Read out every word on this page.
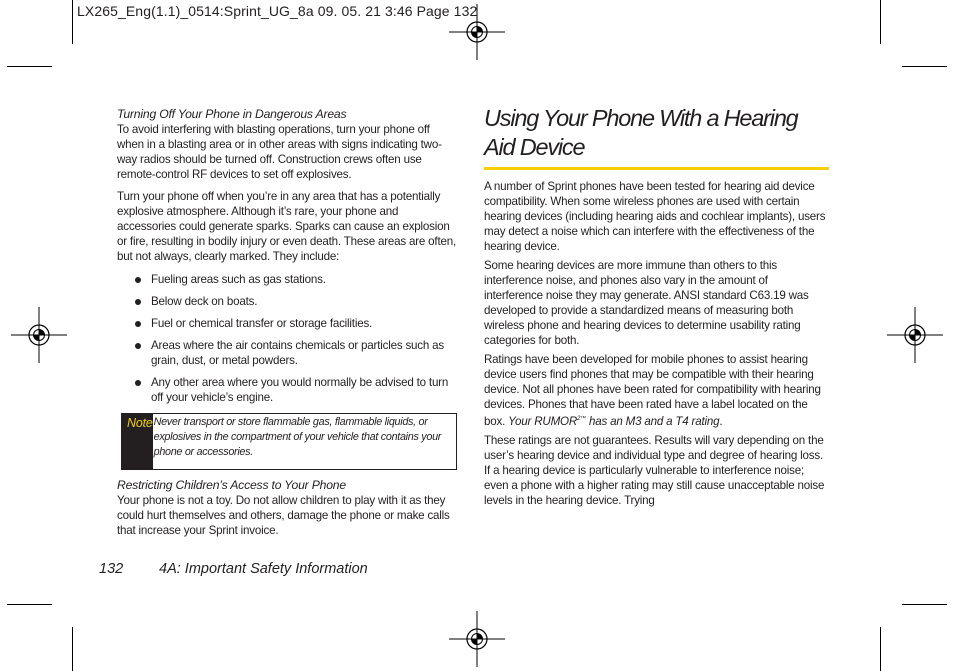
LX265_Eng(1.1)_0514:Sprint_UG_8a 09. 05. 21 3:46 Page 132
Turning Off Your Phone in Dangerous Areas

To avoid interfering with blasting operations, turn your phone off when in a blasting area or in other areas with signs indicating two-way radios should be turned off. Construction crews often use remote-control RF devices to set off explosives.

Turn your phone off when you’re in any area that has a potentially explosive atmosphere. Although it’s rare, your phone and accessories could generate sparks. Sparks can cause an explosion or fire, resulting in bodily injury or even death. These areas are often, but not always, clearly marked. They include:

Fueling areas such as gas stations.
Below deck on boats.
Fuel or chemical transfer or storage facilities.
Areas where the air contains chemicals or particles such as grain, dust, or metal powders.
Any other area where you would normally be advised to turn off your vehicle’s engine.
Note Never transport or store flammable gas, flammable liquids, or explosives in the compartment of your vehicle that contains your phone or accessories.
Restricting Children’s Access to Your Phone

Your phone is not a toy. Do not allow children to play with it as they could hurt themselves and others, damage the phone or make calls that increase your Sprint invoice.

Using Your Phone With a Hearing
Aid Device

A number of Sprint phones have been tested for hearing aid device compatibility. When some wireless phones are used with certain hearing devices (including hearing aids and cochlear implants), users may detect a noise which can interfere with the effectiveness of the hearing device.

Some hearing devices are more immune than others to this interference noise, and phones also vary in the amount of interference noise they may generate. ANSI standard C63.19 was developed to provide a standardized means of measuring both wireless phone and hearing devices to determine usability rating categories for both.

Ratings have been developed for mobile phones to assist hearing device users find phones that may be compatible with their hearing device. Not all phones have been rated for compatibility with hearing devices. Phones that have been rated have a label located on the box. Your $RUMOR^{2™}$ has an M3 and a T4 rating.

These ratings are not guarantees. Results will vary depending on the user’s hearing device and individual type and degree of hearing loss. If a hearing device is particularly vulnerable to interference noise; even a phone with a higher rating may still cause unacceptable noise levels in the hearing device. Trying

132 4A: Important Safety Information
